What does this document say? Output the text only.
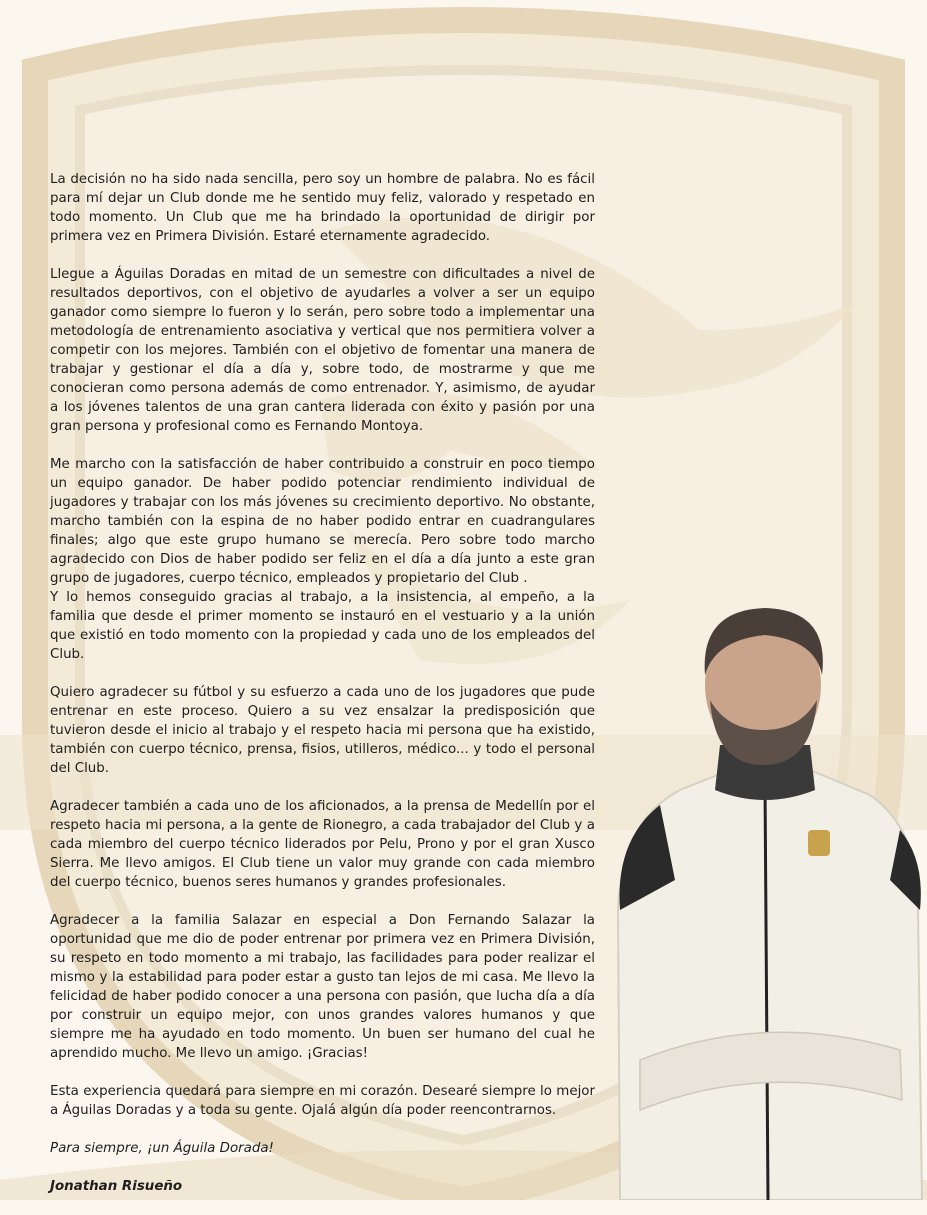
La decisión no ha sido nada sencilla, pero soy un hombre de palabra. No es fácil para mí dejar un Club donde me he sentido muy feliz, valorado y respetado en todo momento. Un Club que me ha brindado la oportunidad de dirigir por primera vez en Primera División. Estaré eternamente agradecido.

Llegue a Águilas Doradas en mitad de un semestre con dificultades a nivel de resultados deportivos, con el objetivo de ayudarles a volver a ser un equipo ganador como siempre lo fueron y lo serán, pero sobre todo a implementar una metodología de entrenamiento asociativa y vertical que nos permitiera volver a competir con los mejores. También con el objetivo de fomentar una manera de trabajar y gestionar el día a día y, sobre todo, de mostrarme y que me conocieran como persona además de como entrenador. Y, asimismo, de ayudar a los jóvenes talentos de una gran cantera liderada con éxito y pasión por una gran persona y profesional como es Fernando Montoya.

Me marcho con la satisfacción de haber contribuido a construir en poco tiempo un equipo ganador. De haber podido potenciar rendimiento individual de jugadores y trabajar con los más jóvenes su crecimiento deportivo. No obstante, marcho también con la espina de no haber podido entrar en cuadrangulares finales; algo que este grupo humano se merecía. Pero sobre todo marcho agradecido con Dios de haber podido ser feliz en el día a día junto a este gran grupo de jugadores, cuerpo técnico, empleados y propietario del Club .

Y lo hemos conseguido gracias al trabajo, a la insistencia, al empeño, a la familia que desde el primer momento se instauró en el vestuario y a la unión que existió en todo momento con la propiedad y cada uno de los empleados del Club.

Quiero agradecer su fútbol y su esfuerzo a cada uno de los jugadores que pude entrenar en este proceso. Quiero a su vez ensalzar la predisposición que tuvieron desde el inicio al trabajo y el respeto hacia mi persona que ha existido, también con cuerpo técnico, prensa, fisios, utilleros, médico... y todo el personal del Club.

Agradecer también a cada uno de los aficionados, a la prensa de Medellín por el respeto hacia mi persona, a la gente de Rionegro, a cada trabajador del Club y a cada miembro del cuerpo técnico liderados por Pelu, Prono y por el gran Xusco Sierra. Me llevo amigos. El Club tiene un valor muy grande con cada miembro del cuerpo técnico, buenos seres humanos y grandes profesionales.

Agradecer a la familia Salazar en especial a Don Fernando Salazar la oportunidad que me dio de poder entrenar por primera vez en Primera División, su respeto en todo momento a mi trabajo, las facilidades para poder realizar el mismo y la estabilidad para poder estar a gusto tan lejos de mi casa. Me llevo la felicidad de haber podido conocer a una persona con pasión, que lucha día a día por construir un equipo mejor, con unos grandes valores humanos y que siempre me ha ayudado en todo momento. Un buen ser humano del cual he aprendido mucho. Me llevo un amigo. ¡Gracias!

Esta experiencia quedará para siempre en mi corazón. Desearé siempre lo mejor a Águilas Doradas y a toda su gente. Ojalá algún día poder reencontrarnos.

Para siempre, ¡un Águila Dorada!

Jonathan Risueño
